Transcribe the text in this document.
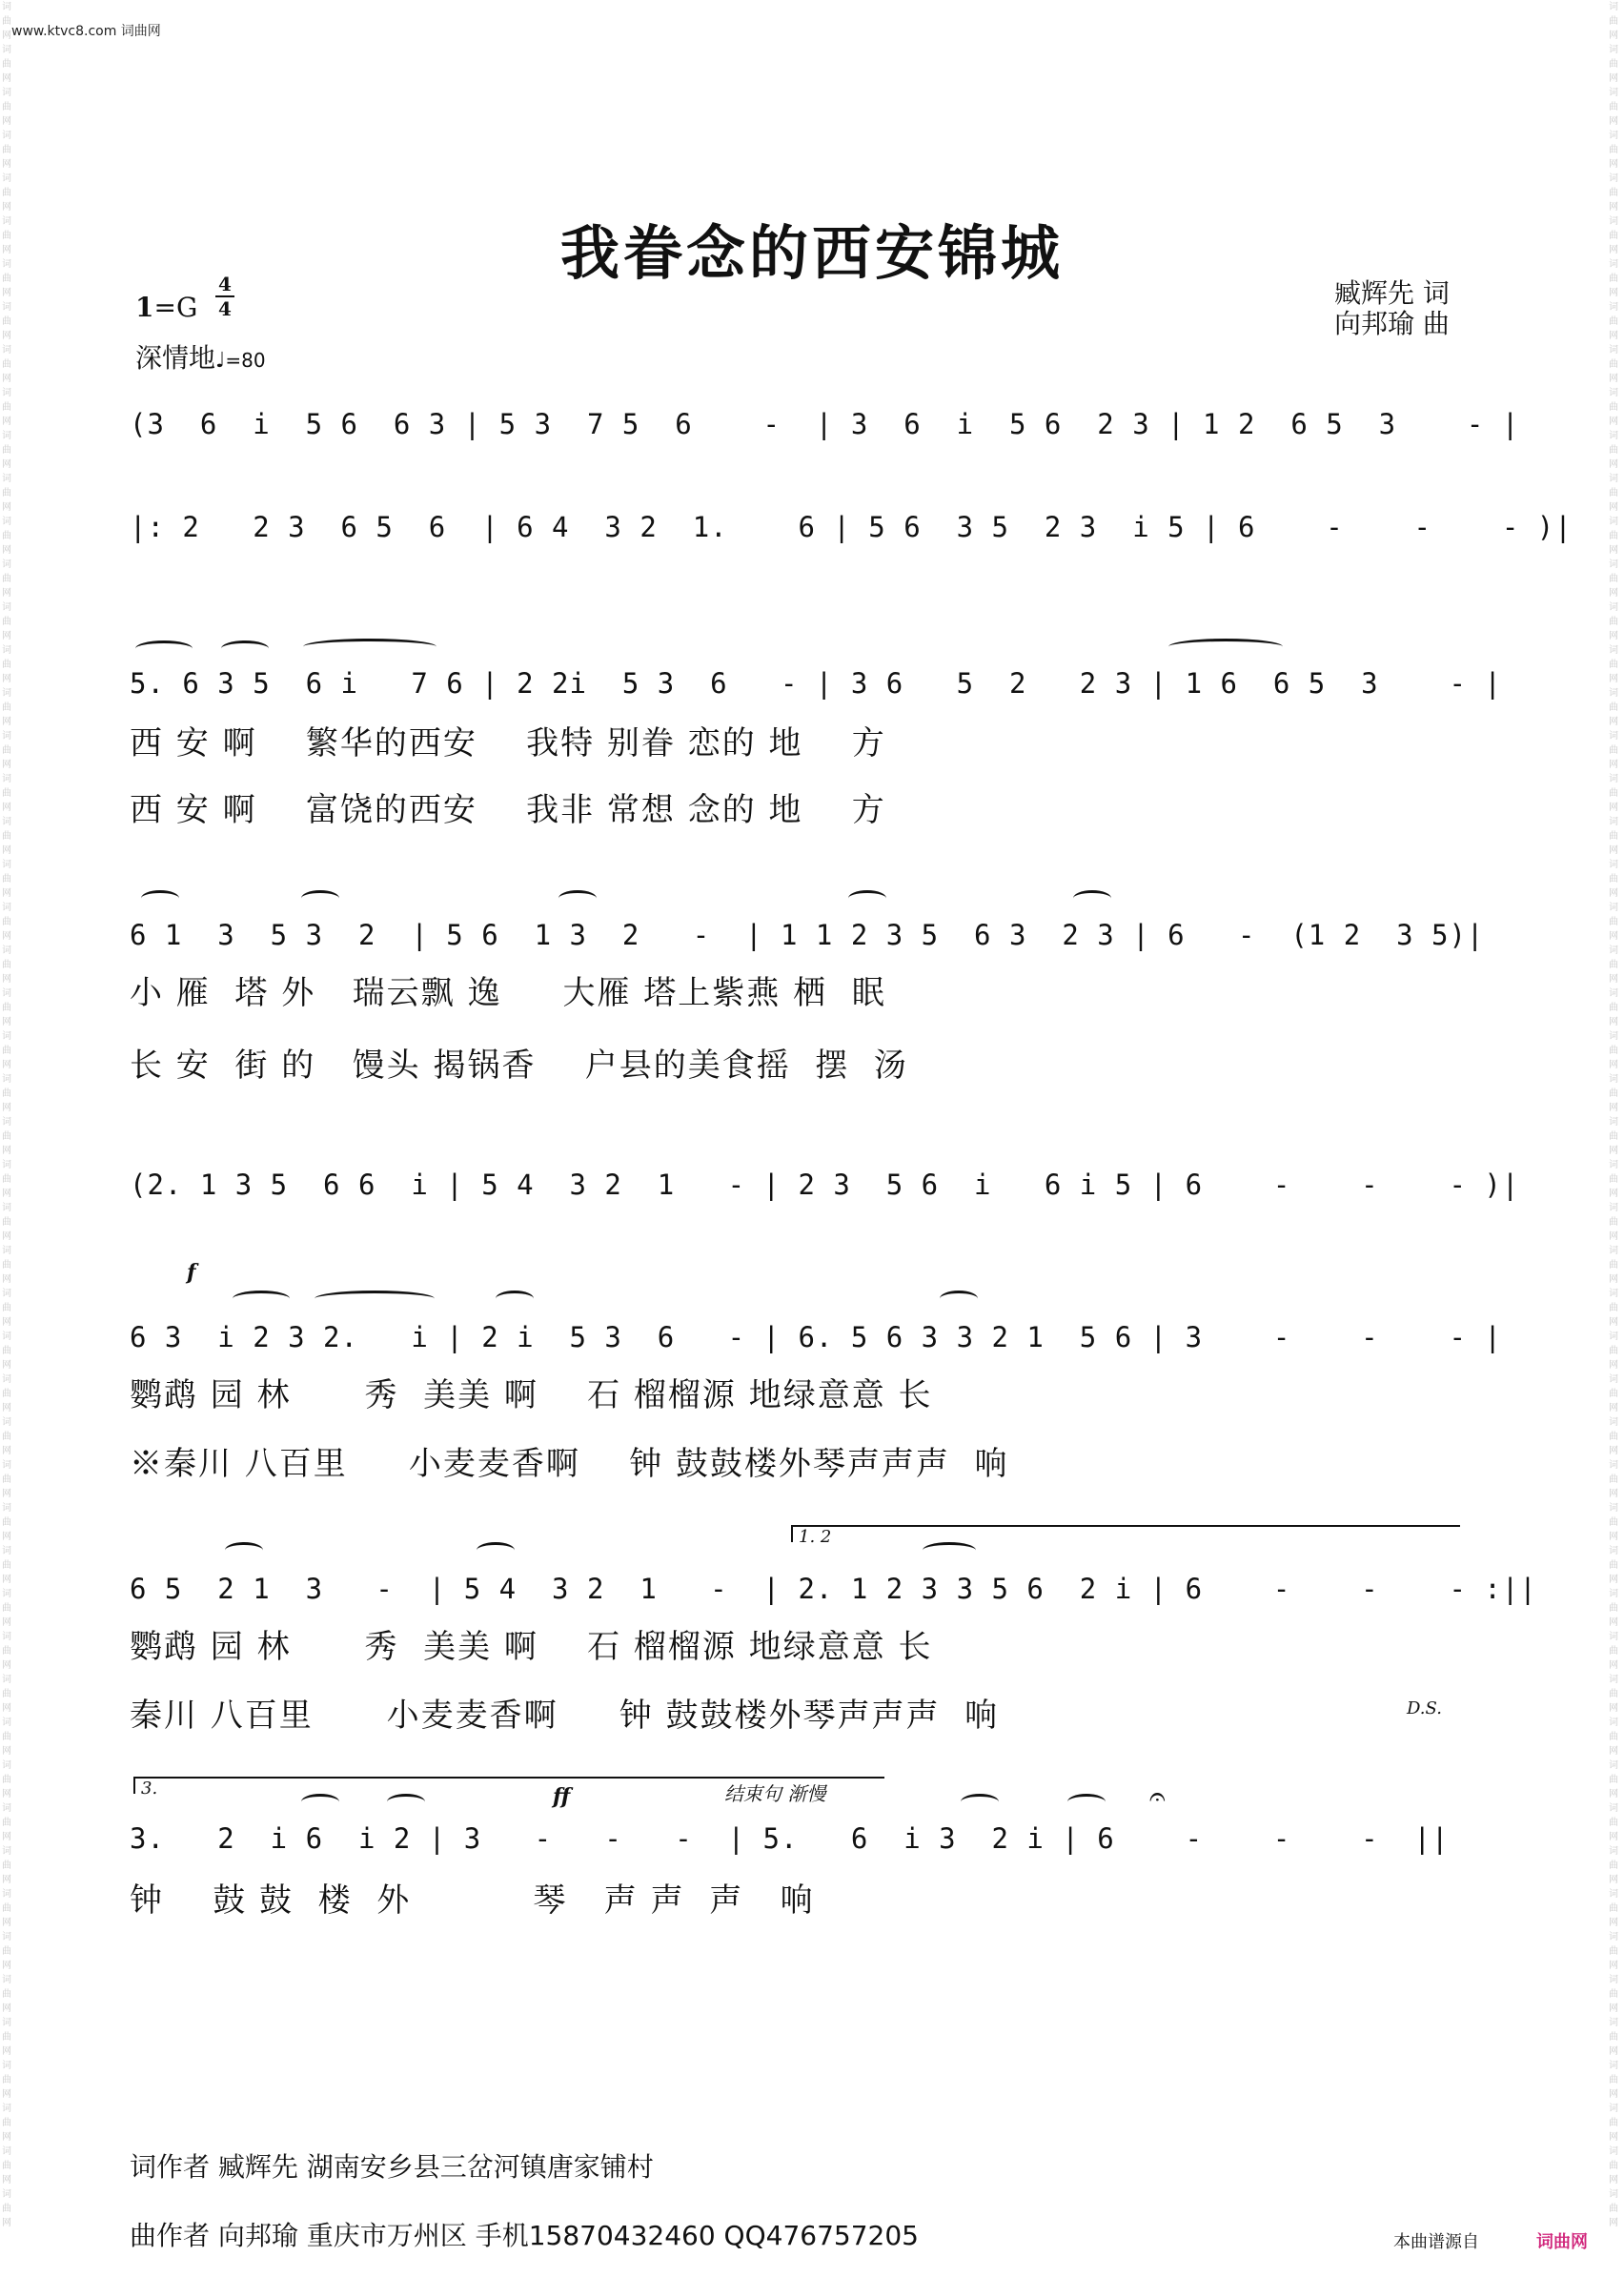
www.ktvc8.com 词曲网
词曲网词曲网词曲网词曲网词曲网词曲网词曲网词曲网词曲网词曲网词曲网词曲网词曲网词曲网词曲网词曲网词曲网词曲网词曲网词曲网词曲网词曲网词曲网词曲网词曲网词曲网词曲网词曲网词曲网词曲网词曲网词曲网词曲网词曲网词曲网词曲网词曲网词曲网词曲网词曲网词曲网词曲网词曲网词曲网词曲网词曲网词曲网词曲网词曲网词曲网词曲网词曲网
词曲网词曲网词曲网词曲网词曲网词曲网词曲网词曲网词曲网词曲网词曲网词曲网词曲网词曲网词曲网词曲网词曲网词曲网词曲网词曲网词曲网词曲网词曲网词曲网词曲网词曲网词曲网词曲网词曲网词曲网词曲网词曲网词曲网词曲网词曲网词曲网词曲网词曲网词曲网词曲网词曲网词曲网词曲网词曲网词曲网词曲网词曲网词曲网词曲网词曲网词曲网词曲网
我眷念的西安锦城
臧辉先 词
向邦瑜 曲
$1=G \frac{4}{4}$
深情地♩=80
(3  6  i  5 6  6 3 | 5 3  7 5  6    -  | 3  6  i  5 6  2 3 | 1 2  6 5  3    - |
|: 2   2 3  6 5  6  | 6 4  3 2  1.    6 | 5 6  3 5  2 3  i 5 | 6    -    -    - )|
5. 6 3 5  6 i   7 6 | 2 2i  5 3  6   - | 3 6   5  2   2 3 | 1 6  6 5  3    - |
西 安 啊    繁华的西安    我特 别眷 恋的 地    方
西 安 啊    富饶的西安    我非 常想 念的 地    方
6 1  3  5 3  2  | 5 6  1 3  2   -  | 1 1 2 3 5  6 3  2 3 | 6   -  (1 2  3 5)|
小 雁  塔 外   瑞云飘 逸     大雁 塔上紫燕 栖  眠
长 安  街 的   馒头 揭锅香    户县的美食摇  摆  汤
(2. 1 3 5  6 6  i | 5 4  3 2  1   - | 2 3  5 6  i   6 i 5 | 6    -    -    - )|
f
6 3  i 2 3 2.   i | 2 i  5 3  6   - | 6. 5 6 3 3 2 1  5 6 | 3    -    -    - |
鹦鹉 园 林      秀  美美 啊    石 榴榴源 地绿意意 长
※秦川 八百里     小麦麦香啊    钟 鼓鼓楼外琴声声声  响
1. 2
6 5  2 1  3   -  | 5 4  3 2  1   -  | 2. 1 2 3 3 5 6  2 i | 6    -    -    - :||
鹦鹉 园 林      秀  美美 啊    石 榴榴源 地绿意意 长
秦川 八百里      小麦麦香啊     钟 鼓鼓楼外琴声声声  响	D.S.
3.	ff	结束句 渐慢	𝄐
3.   2  i 6  i 2 | 3   -   -   -  | 5.   6  i 3  2 i | 6    -    -    -  ||
钟    鼓 鼓  楼  外          琴   声 声  声   响
词作者 臧辉先 湖南安乡县三岔河镇唐家铺村
曲作者 向邦瑜 重庆市万州区 手机15870432460 QQ476757205	本曲谱源自	词曲网
